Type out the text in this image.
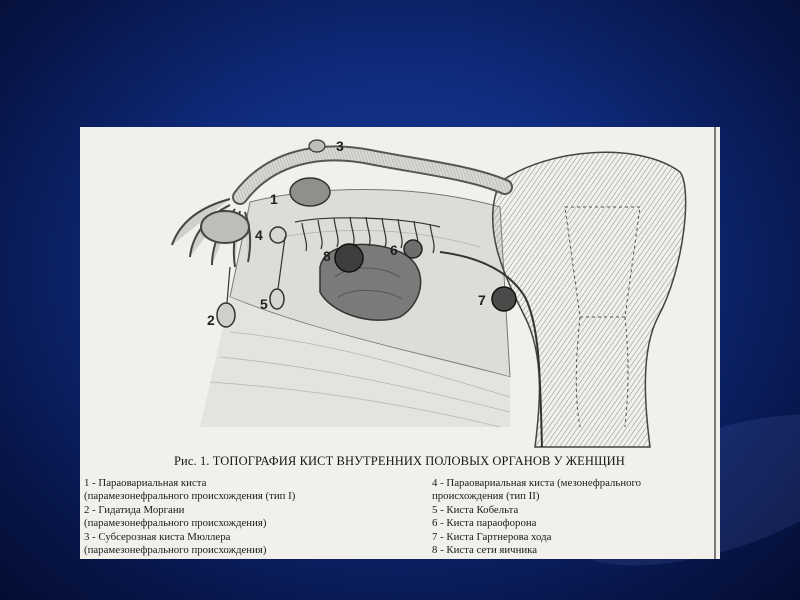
3
1
4
8	6
5
2
7
Рис. 1. ТОПОГРАФИЯ КИСТ ВНУТРЕННИХ ПОЛОВЫХ ОРГАНОВ У ЖЕНЩИН
1 - Параовариальная киста
(парамезонефрального происхождения (тип I)
2 - Гидатида Моргани
(парамезонефрального происхождения)
3 - Субсерозная киста Мюллера
(парамезонефрального происхождения)
4 - Параовариальная киста (мезонефрального
происхождения (тип II)
5 - Киста Кобельта
6 - Киста параофорона
7 - Киста Гартнерова хода
8 - Киста сети яичника
